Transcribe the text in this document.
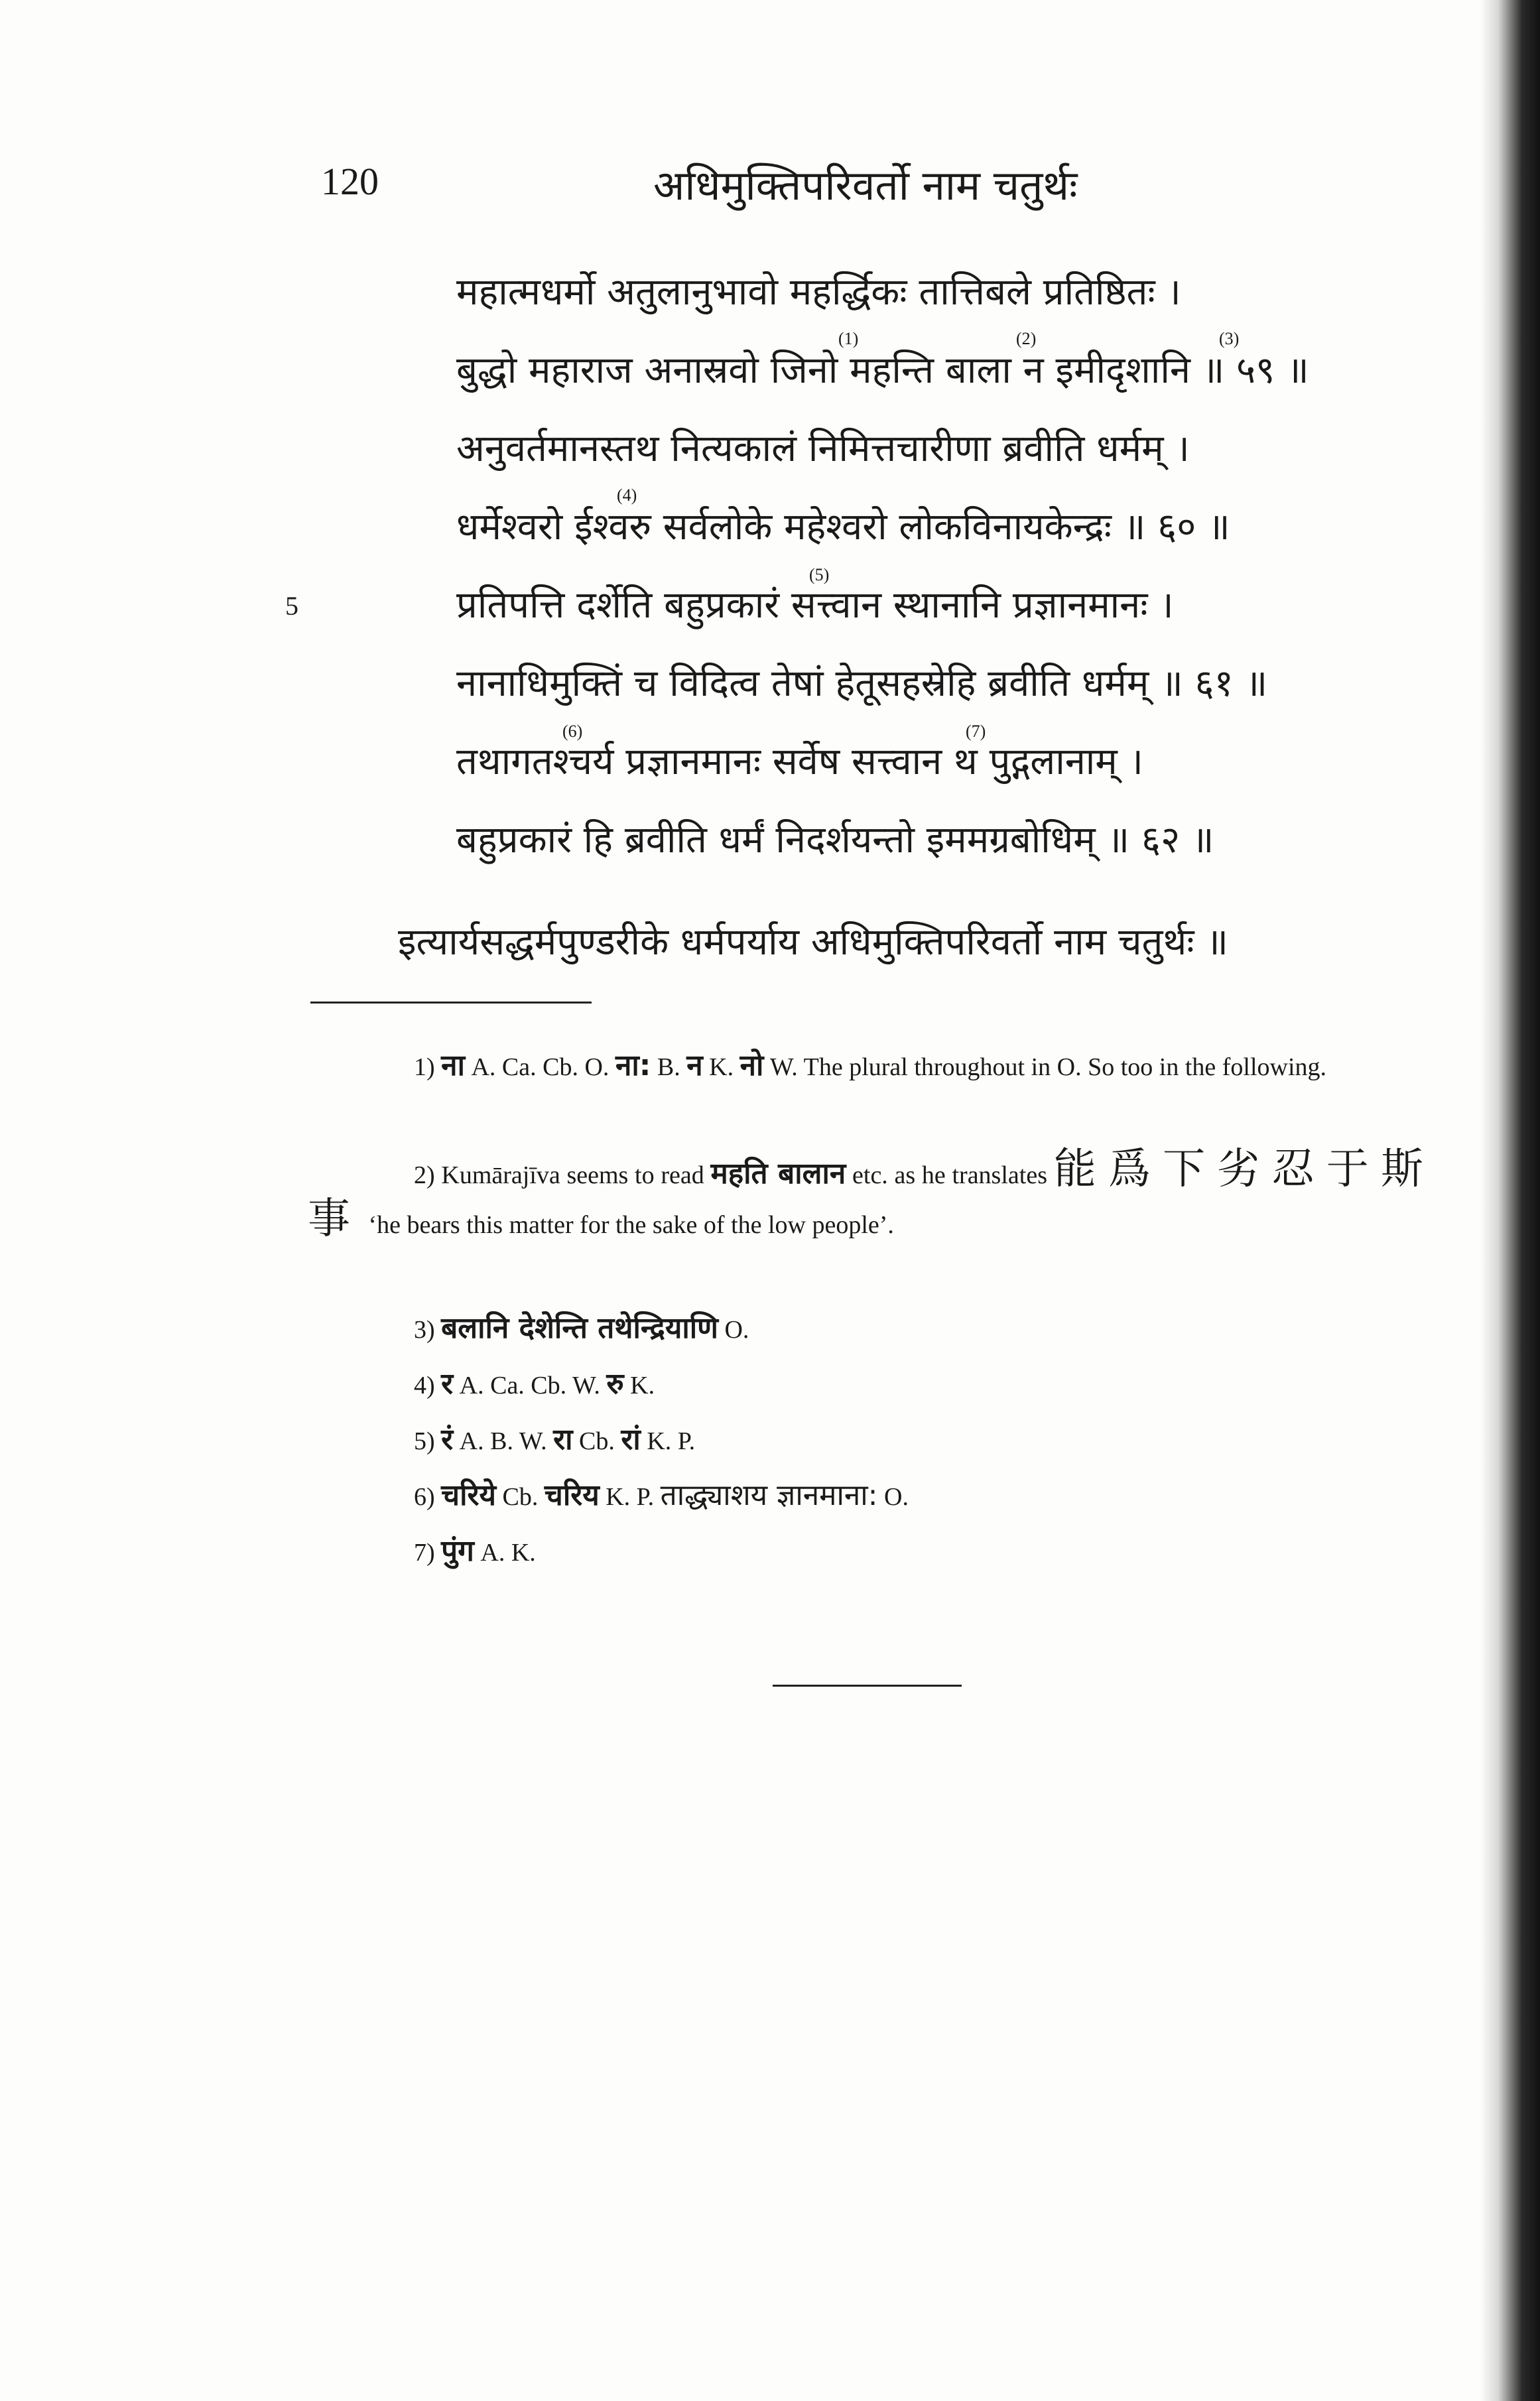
120	अधिमुक्तिपरिवर्तो नाम चतुर्थः
महात्मधर्मो अतुलानुभावो महर्द्धिकः तात्तिबले प्रतिष्ठितः ।
बुद्धो महाराज अनास्रवो जिनो महन्ति बाला न इमीदृशानि ॥ ५९ ॥
अनुवर्तमानस्तथ नित्यकालं निमित्तचारीणा ब्रवीति धर्मम् ।
धर्मेश्वरो ईश्वरु सर्वलोके महेश्वरो लोकविनायकेन्द्रः ॥ ६० ॥
प्रतिपत्ति दर्शेति बहुप्रकारं सत्त्वान स्थानानि प्रज्ञानमानः ।
नानाधिमुक्तिं च विदित्व तेषां हेतूसहस्रेहि ब्रवीति धर्मम् ॥ ६१ ॥
तथागतश्चर्य प्रज्ञानमानः सर्वेष सत्त्वान थ पुद्गलानाम् ।
बहुप्रकारं हि ब्रवीति धर्मं निदर्शयन्तो इममग्रबोधिम् ॥ ६२ ॥
(1)	(2)	(3)
(4)
(5)
(6)	(7)
5
इत्यार्यसद्धर्मपुण्डरीके धर्मपर्याय अधिमुक्तिपरिवर्तो नाम चतुर्थः ॥
1) ना A. Ca. Cb. O. ना: B. न K. नो W. The plural throughout in O. So too in the following.
2) Kumārajīva seems to read महति बालान etc. as he translates 能爲下劣忍于斯事 ‘he bears this matter for the sake of the low people’.
3) बलानि देशेन्ति तथेन्द्रियाणि O.
4) र A. Ca. Cb. W. रु K.
5) रं A. B. W. रा Cb. रां K. P.
6) चरिये Cb. चरिय K. P. ताद्ध्याशय ज्ञानमाना: O.
7) पुंग A. K.
